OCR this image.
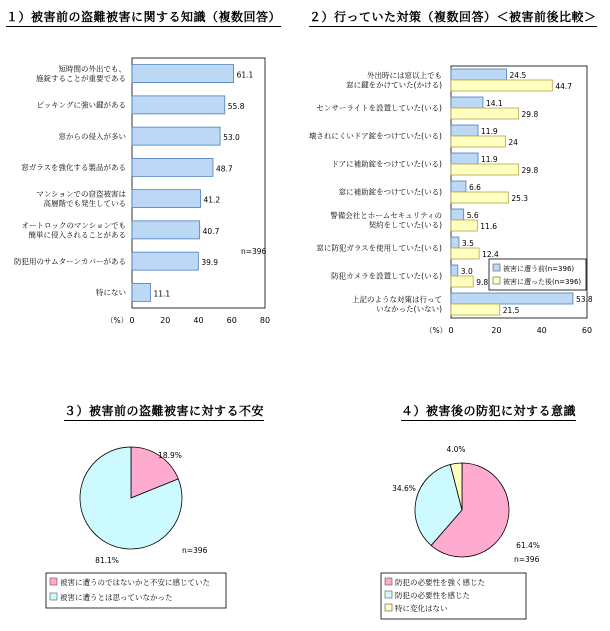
１）被害前の盗難被害に関する知識（複数回答） ２）行っていた対策（複数回答）＜被害前後比較＞
３）被害前の盗難被害に対する不安	４）被害後の防犯に対する意識
61.1
短時間の外出でも、施錠することが重要である
55.8
ピッキングに強い鍵がある
53.0
窓からの侵入が多い
48.7
窓ガラスを強化する製品がある
41.2
マンションでの窃盗被害は高層階でも発生している
40.7
オートロックのマンションでも簡単に侵入されることがある
39.9
防犯用のサムターンカバーがある
11.1
特にない
0	20	40	60	80
（%）
n=396
24.5
44.7
外出時には窓以上でも窓に鍵をかけていた(かける)
14.1
29.8
センサーライトを設置していた(いる)
11.9
24
壊されにくいドア錠をつけていた(いる)
11.9
29.8
ドアに補助錠をつけていた(いる)
6.6
25.3
窓に補助錠をつけていた(いる)
5.6
11.6
警備会社とホームセキュリティの契約をしていた(いる)
3.5
12.4
窓に防犯ガラスを使用していた(いる)
3.0
9.8
防犯カメラを設置していた(いる)
53.8
21.5
上記のような対策は行っていなかった(いない)
0	20	40	60
（%）
被害に遭う前(n=396)
被害に遭った後(n=396)
18.9%
81.1%
n=396
被害に遭うのではないかと不安に感じていた
被害に遭うとは思っていなかった
61.4%
34.6%
4.0%
n=396
防犯の必要性を強く感じた
防犯の必要性を感じた
特に変化はない
